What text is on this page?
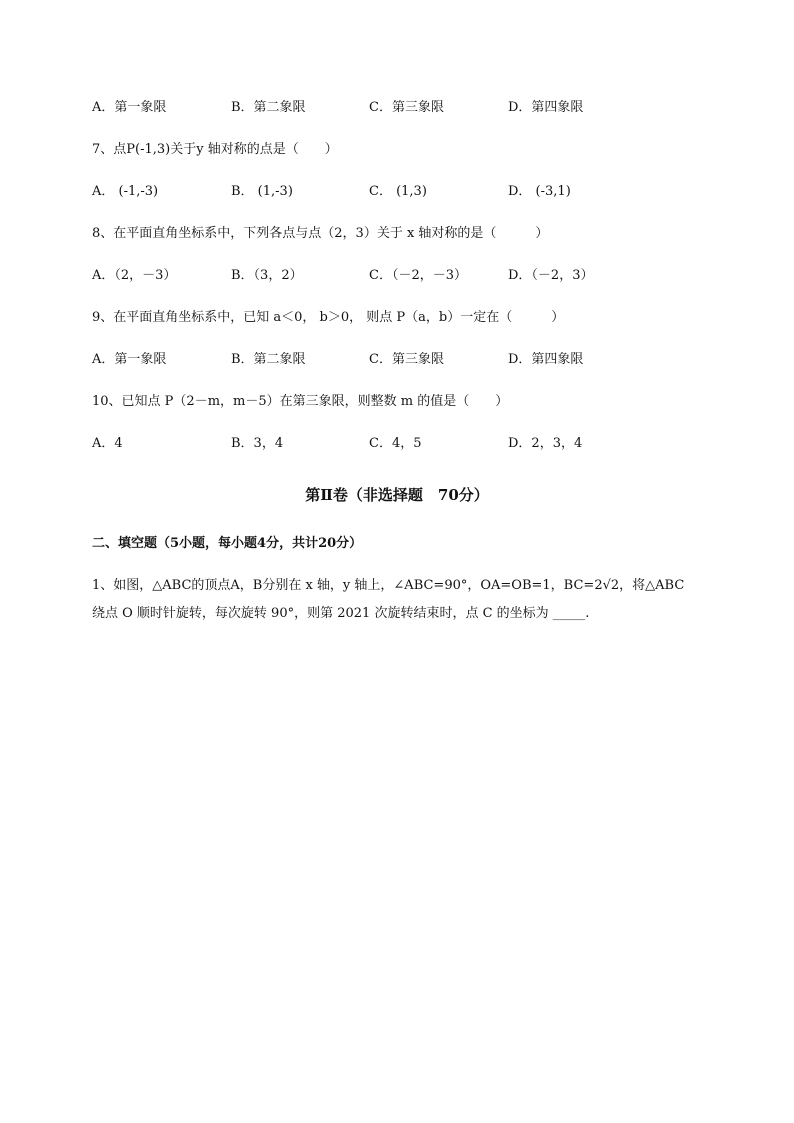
A．第一象限	B．第二象限	C．第三象限	D．第四象限
7、点P(-1,3)关于y 轴对称的点是（　　）
A． (-1,-3)	B． (1,-3)	C． (1,3)	D． (-3,1)
8、在平面直角坐标系中，下列各点与点（2，3）关于 x 轴对称的是（　　　）
A．（2，－3）	B．（3，2）	C．（－2，－3）	D．（－2，3）
9、在平面直角坐标系中，已知 a＜0， b＞0， 则点 P（a，b）一定在（　　　）
A．第一象限	B．第二象限	C．第三象限	D．第四象限
10、已知点 P（2－m，m－5）在第三象限，则整数 m 的值是（　　）
A．4	B．3，4	C．4，5	D．2，3，4
第Ⅱ卷（非选择题　70分）
二、填空题（5小题，每小题4分，共计20分）
1、如图，△ABC的顶点A，B分别在 x 轴，y 轴上，∠ABC=90°，OA=OB=1，BC=2√2，将△ABC
绕点 O 顺时针旋转，每次旋转 90°，则第 2021 次旋转结束时，点 C 的坐标为 _____.
